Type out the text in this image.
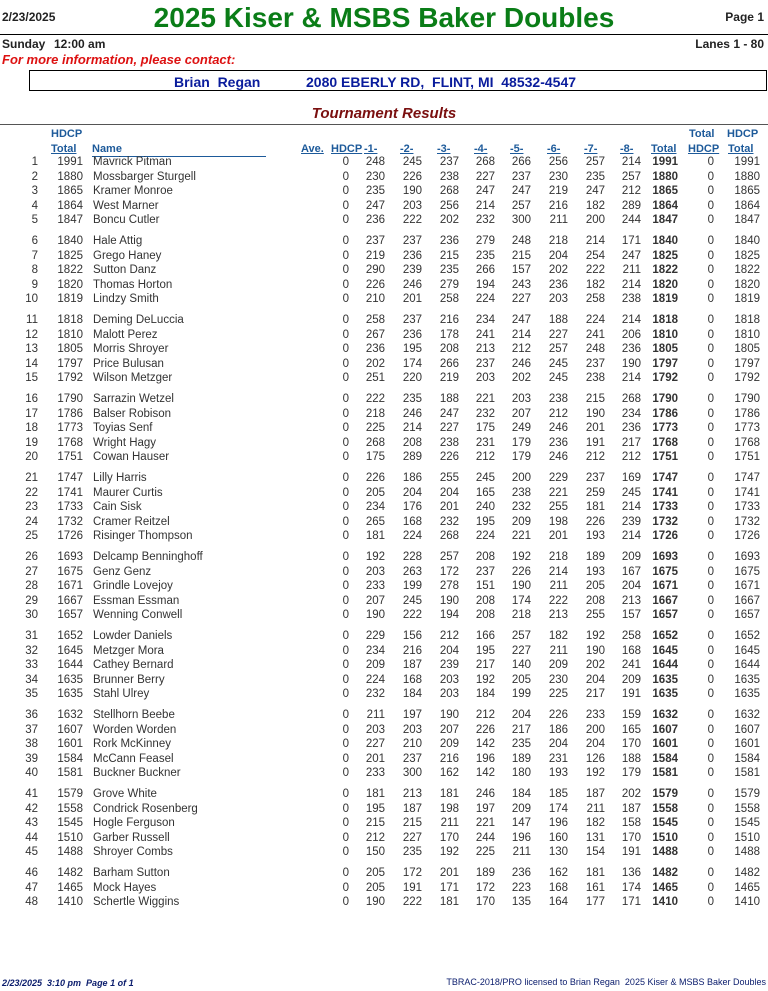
2/23/2025	2025 Kiser & MSBS Baker Doubles	Page 1
Sunday 12:00 am	Lanes 1 - 80
For more information, please contact:
Brian  Regan	2080 EBERLY RD,  FLINT, MI  48532-4547
Tournament Results
HDCP
Total Name	Ave. HDCP -1- -2- -3- -4- -5- -6- -7- -8- Total
Total
HDCP
HDCP
Total
1	1991 Mavrick Pitman	0	248	245	237	268	266	256	257	214 1991	0	1991
2	1880 Mossbarger Sturgell	0	230	226	238	227	237	230	235	257 1880	0	1880
3	1865 Kramer Monroe	0	235	190	268	247	247	219	247	212 1865	0	1865
4	1864 West Marner	0	247	203	256	214	257	216	182	289 1864	0	1864
5	1847 Boncu Cutler	0	236	222	202	232	300	211	200	244 1847	0	1847
6	1840 Hale Attig	0	237	237	236	279	248	218	214	171 1840	0	1840
7	1825 Grego Haney	0	219	236	215	235	215	204	254	247 1825	0	1825
8	1822 Sutton Danz	0	290	239	235	266	157	202	222	211 1822	0	1822
9	1820 Thomas Horton	0	226	246	279	194	243	236	182	214 1820	0	1820
10	1819 Lindzy Smith	0	210	201	258	224	227	203	258	238 1819	0	1819
11	1818 Deming DeLuccia	0	258	237	216	234	247	188	224	214 1818	0	1818
12	1810 Malott Perez	0	267	236	178	241	214	227	241	206 1810	0	1810
13	1805 Morris Shroyer	0	236	195	208	213	212	257	248	236 1805	0	1805
14	1797 Price Bulusan	0	202	174	266	237	246	245	237	190 1797	0	1797
15	1792 Wilson Metzger	0	251	220	219	203	202	245	238	214 1792	0	1792
16	1790 Sarrazin Wetzel	0	222	235	188	221	203	238	215	268 1790	0	1790
17	1786 Balser Robison	0	218	246	247	232	207	212	190	234 1786	0	1786
18	1773 Toyias Senf	0	225	214	227	175	249	246	201	236 1773	0	1773
19	1768 Wright Hagy	0	268	208	238	231	179	236	191	217 1768	0	1768
20	1751 Cowan Hauser	0	175	289	226	212	179	246	212	212 1751	0	1751
21	1747 Lilly Harris	0	226	186	255	245	200	229	237	169 1747	0	1747
22	1741 Maurer Curtis	0	205	204	204	165	238	221	259	245 1741	0	1741
23	1733 Cain Sisk	0	234	176	201	240	232	255	181	214 1733	0	1733
24	1732 Cramer Reitzel	0	265	168	232	195	209	198	226	239 1732	0	1732
25	1726 Risinger Thompson	0	181	224	268	224	221	201	193	214 1726	0	1726
26	1693 Delcamp Benninghoff	0	192	228	257	208	192	218	189	209 1693	0	1693
27	1675 Genz Genz	0	203	263	172	237	226	214	193	167 1675	0	1675
28	1671 Grindle Lovejoy	0	233	199	278	151	190	211	205	204 1671	0	1671
29	1667 Essman Essman	0	207	245	190	208	174	222	208	213 1667	0	1667
30	1657 Wenning Conwell	0	190	222	194	208	218	213	255	157 1657	0	1657
31	1652 Lowder Daniels	0	229	156	212	166	257	182	192	258 1652	0	1652
32	1645 Metzger Mora	0	234	216	204	195	227	211	190	168 1645	0	1645
33	1644 Cathey Bernard	0	209	187	239	217	140	209	202	241 1644	0	1644
34	1635 Brunner Berry	0	224	168	203	192	205	230	204	209 1635	0	1635
35	1635 Stahl Ulrey	0	232	184	203	184	199	225	217	191 1635	0	1635
36	1632 Stellhorn Beebe	0	211	197	190	212	204	226	233	159 1632	0	1632
37	1607 Worden Worden	0	203	203	207	226	217	186	200	165 1607	0	1607
38	1601 Rork McKinney	0	227	210	209	142	235	204	204	170 1601	0	1601
39	1584 McCann Feasel	0	201	237	216	196	189	231	126	188 1584	0	1584
40	1581 Buckner Buckner	0	233	300	162	142	180	193	192	179 1581	0	1581
41	1579 Grove White	0	181	213	181	246	184	185	187	202 1579	0	1579
42	1558 Condrick Rosenberg	0	195	187	198	197	209	174	211	187 1558	0	1558
43	1545 Hogle Ferguson	0	215	215	211	221	147	196	182	158 1545	0	1545
44	1510 Garber Russell	0	212	227	170	244	196	160	131	170 1510	0	1510
45	1488 Shroyer Combs	0	150	235	192	225	211	130	154	191 1488	0	1488
46	1482 Barham Sutton	0	205	172	201	189	236	162	181	136 1482	0	1482
47	1465 Mock Hayes	0	205	191	171	172	223	168	161	174 1465	0	1465
48	1410 Schertle Wiggins	0	190	222	181	170	135	164	177	171 1410	0	1410
2/23/2025  3:10 pm  Page 1 of 1	TBRAC-2018/PRO licensed to Brian Regan  2025 Kiser & MSBS Baker Doubles
